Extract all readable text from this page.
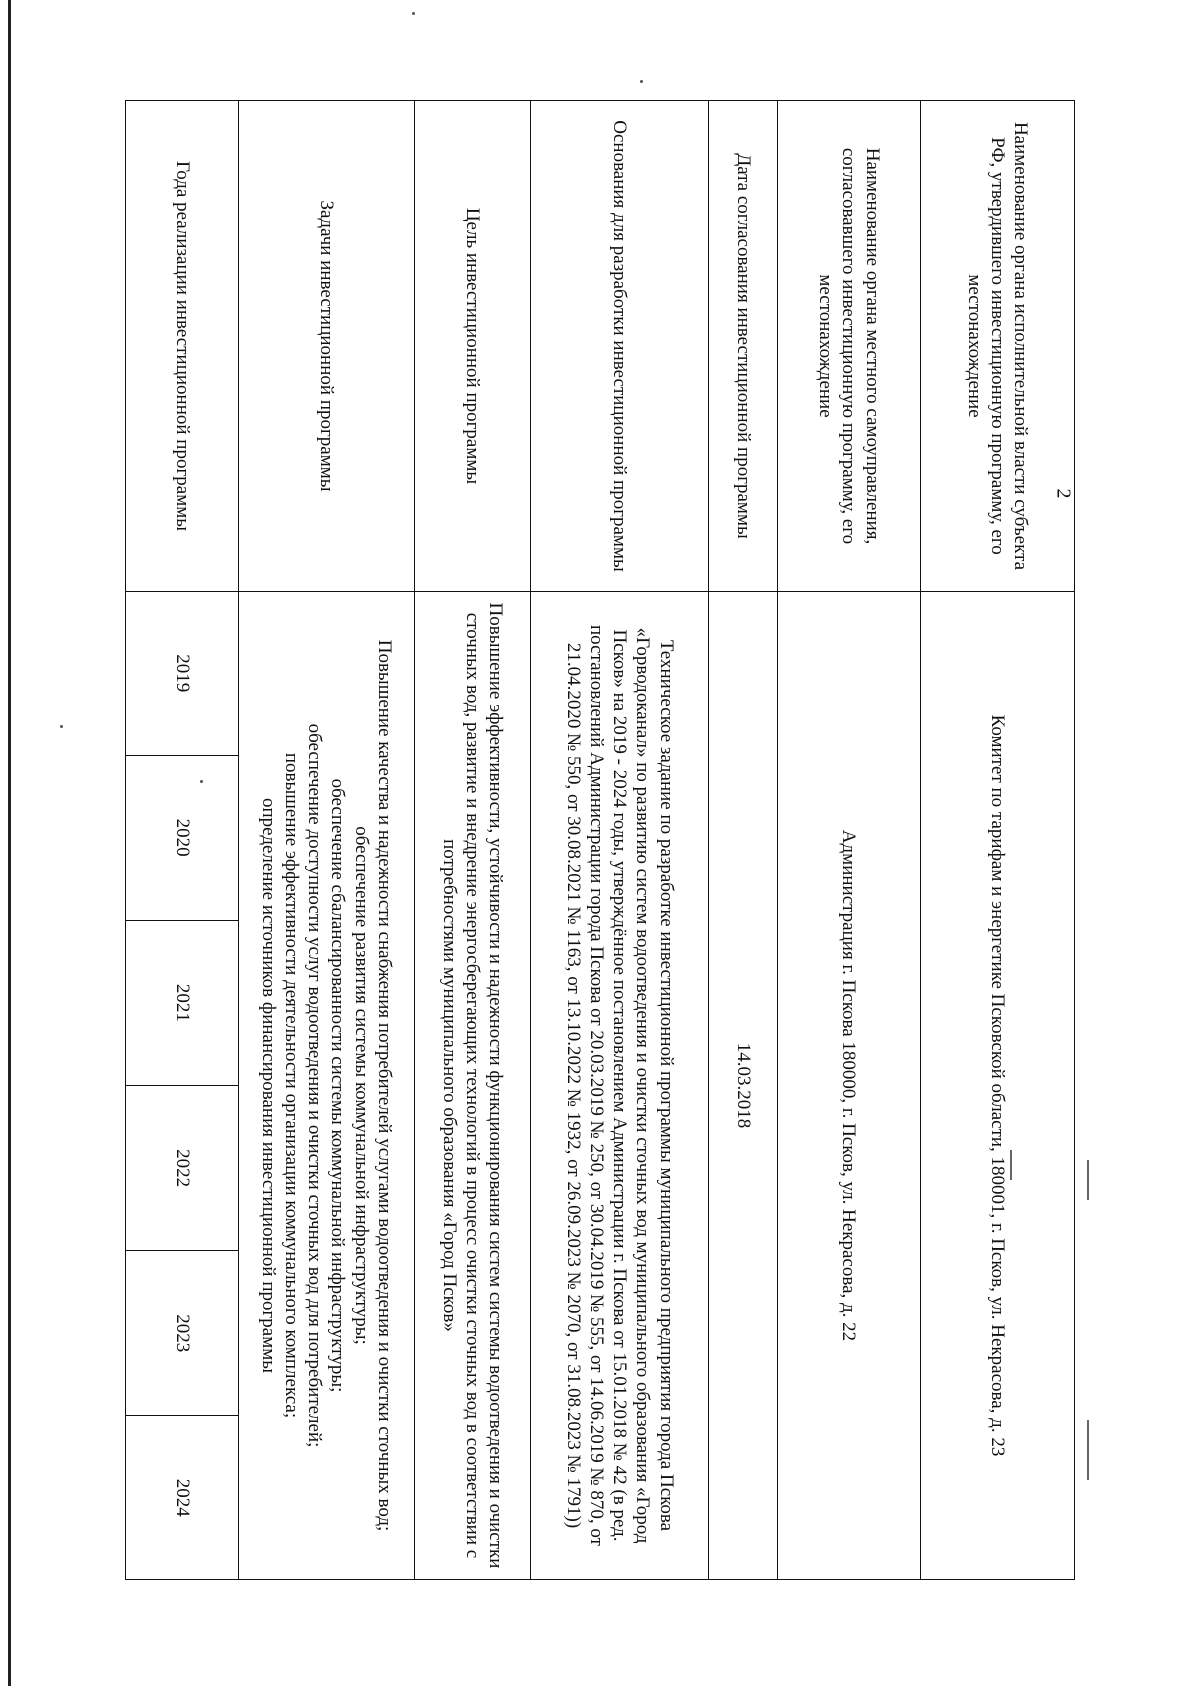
2
Наименование органа исполнительной власти субъекта РФ, утвердившего инвестиционную программу, его местонахождение	Комитет по тарифам и энергетике Псковской области, 180001, г. Псков, ул. Некрасова, д. 23
Наименование органа местного самоуправления, согласовавшего инвестиционную программу, его местонахождение	Администрация г. Пскова 180000, г. Псков, ул. Некрасова, д. 22
Дата согласования инвестиционной программы	14.03.2018
Основания для разработки инвестиционной программы	Техническое задание по разработке инвестиционной программы муниципального предприятия города Пскова «Горводоканал» по развитию систем водоотведения и очистки сточных вод муниципального образования «Город Псков» на 2019 - 2024 годы, утверждённое постановлением Администрации г. Пскова от 15.01.2018 № 42 (в ред. постановлений Администрации города Пскова от 20.03.2019 № 250, от 30.04.2019 № 555, от 14.06.2019 № 870, от 21.04.2020 № 550, от 30.08.2021 № 1163, от 13.10.2022 № 1932, от 26.09.2023 № 2070, от 31.08.2023 № 1791))
Цель инвестиционной программы	Повышение эффективности, устойчивости и надежности функционирования систем системы водоотведения и очистки сточных вод, развитие и внедрение энергосберегающих технологий в процесс очистки сточных вод в соответствии с потребностями муниципального образования «Город Псков»
Задачи инвестиционной программы	
Повышение качества и надежности снабжения потребителей услугами водоотведения и очистки сточных вод;
обеспечение развития системы коммунальной инфраструктуры;
обеспечение сбалансированности системы коммунальной инфраструктуры;
обеспечение доступности услуг водоотведения и очистки сточных вод для потребителей;
повышение эффективности деятельности организации коммунального комплекса;
определение источников финансирования инвестиционной программы

Года реализации инвестиционной программы	
2019	2020	2021	2022	2023	2024
